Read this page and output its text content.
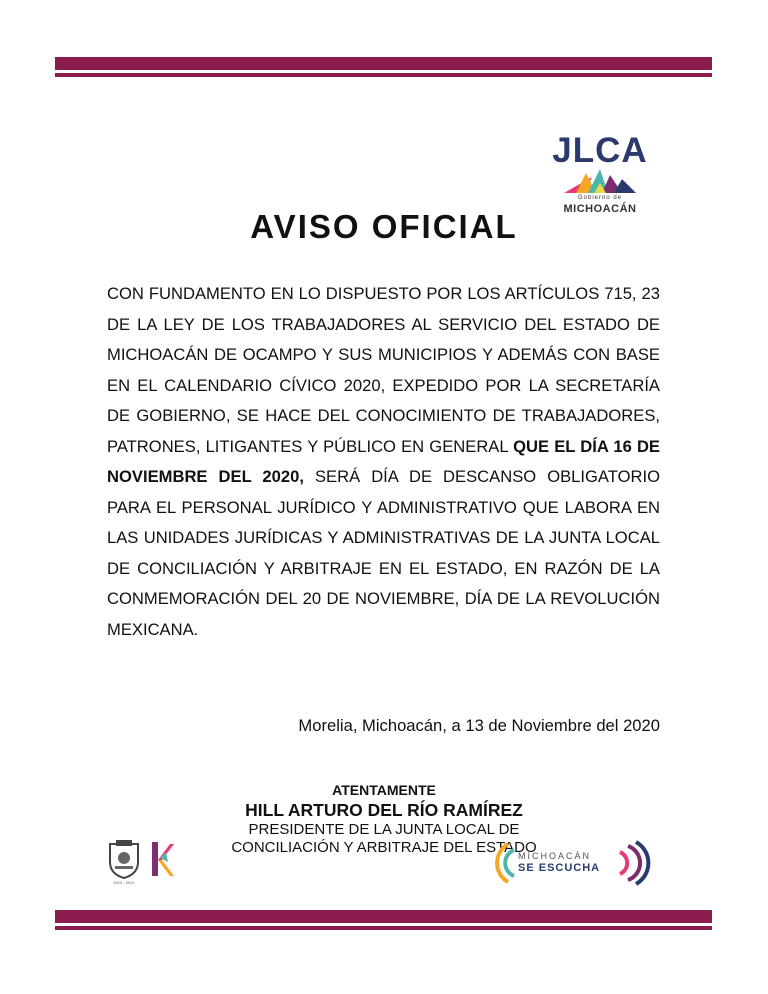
JLCA
Gobierno de
MICHOACÁN
AVISO OFICIAL
CON FUNDAMENTO EN LO DISPUESTO POR LOS ARTÍCULOS 715, 23 DE LA LEY DE LOS TRABAJADORES AL SERVICIO DEL ESTADO DE MICHOACÁN DE OCAMPO Y SUS MUNICIPIOS Y ADEMÁS CON BASE EN EL CALENDARIO CÍVICO 2020, EXPEDIDO POR LA SECRETARÍA DE GOBIERNO, SE HACE DEL CONOCIMIENTO DE TRABAJADORES, PATRONES, LITIGANTES Y PÚBLICO EN GENERAL QUE EL DÍA 16 DE NOVIEMBRE DEL 2020, SERÁ DÍA DE DESCANSO OBLIGATORIO PARA EL PERSONAL JURÍDICO Y ADMINISTRATIVO QUE LABORA EN LAS UNIDADES JURÍDICAS Y ADMINISTRATIVAS DE LA JUNTA LOCAL DE CONCILIACIÓN Y ARBITRAJE EN EL ESTADO, EN RAZÓN DE LA CONMEMORACIÓN DEL 20 DE NOVIEMBRE, DÍA DE LA REVOLUCIÓN MEXICANA.
Morelia, Michoacán, a 13 de Noviembre del 2020
ATENTAMENTE
HILL ARTURO DEL RÍO RAMÍREZ
PRESIDENTE DE LA JUNTA LOCAL DE
CONCILIACIÓN Y ARBITRAJE DEL ESTADO
2015 - 2021
MICHOACÁN
SE ESCUCHA
